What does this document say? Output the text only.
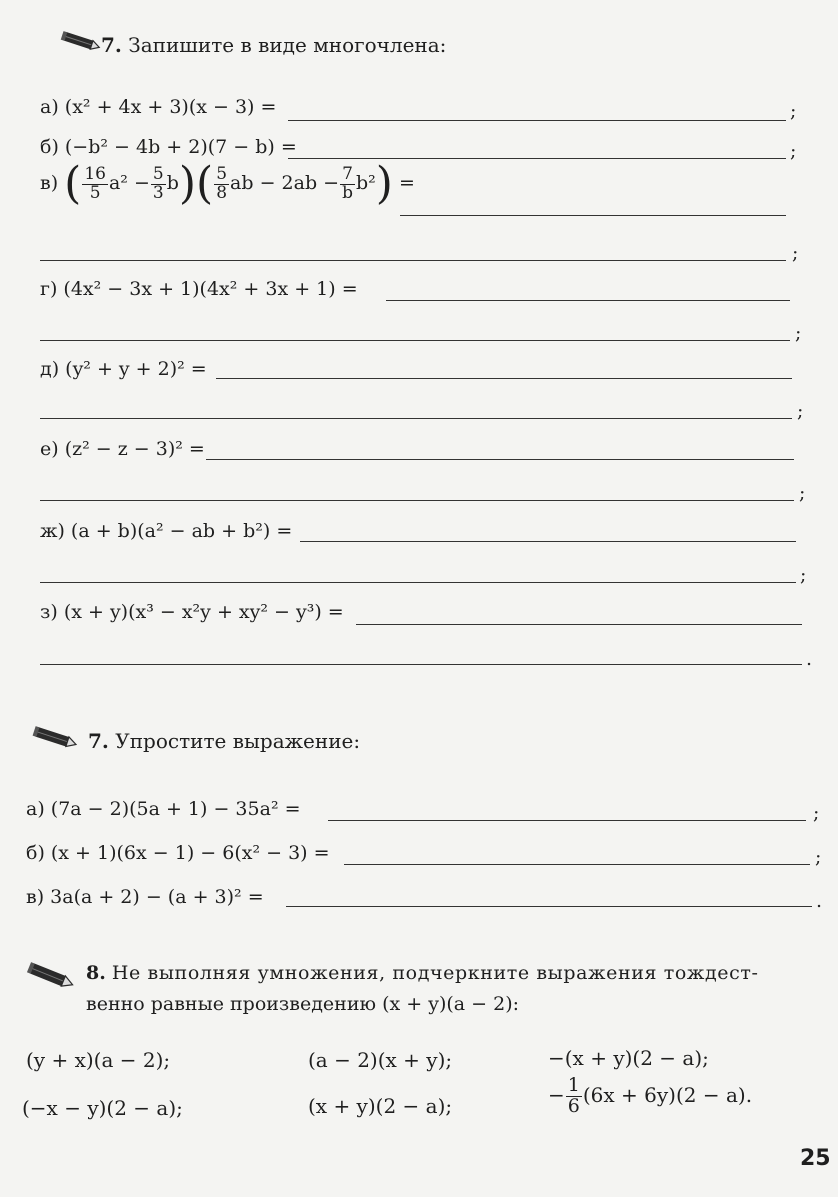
7. Запишите в виде многочлена:
а) (x² + 4x + 3)(x − 3) =	;
б) (−b² − 4b + 2)(7 − b) =	;
в) ( $\frac{16}{5} a^2 - \frac{5}{3} b)( \frac{5}{8}$ ab − $2ab - \frac{7}{b} b^2$) =
;
г) (4x² − 3x + 1)(4x² + 3x + 1) =
;
д) (y² + y + 2)² =
;
е) (z² − z − 3)² =
;
ж) (a + b)(a² − ab + b²) =
;
з) (x + y)(x³ − x²y + xy² − y³) =
.
7. Упростите выражение:
а) (7a − 2)(5a + 1) − 35a² =	;
б) (x + 1)(6x − 1) − 6(x² − 3) =	;
в) 3a(a + 2) − (a + 3)² =	.
8. Не выполняя умножения, подчеркните выражения тождест-
венно равные произведению (x + y)(a − 2):
(y + x)(a − 2);	(a − 2)(x + y);	−(x + y)(2 − a);
(−x − y)(2 − a);	(x + y)(2 − a);	− $\frac{1}{6} (6x + 6y)(2 - a)$.
25
